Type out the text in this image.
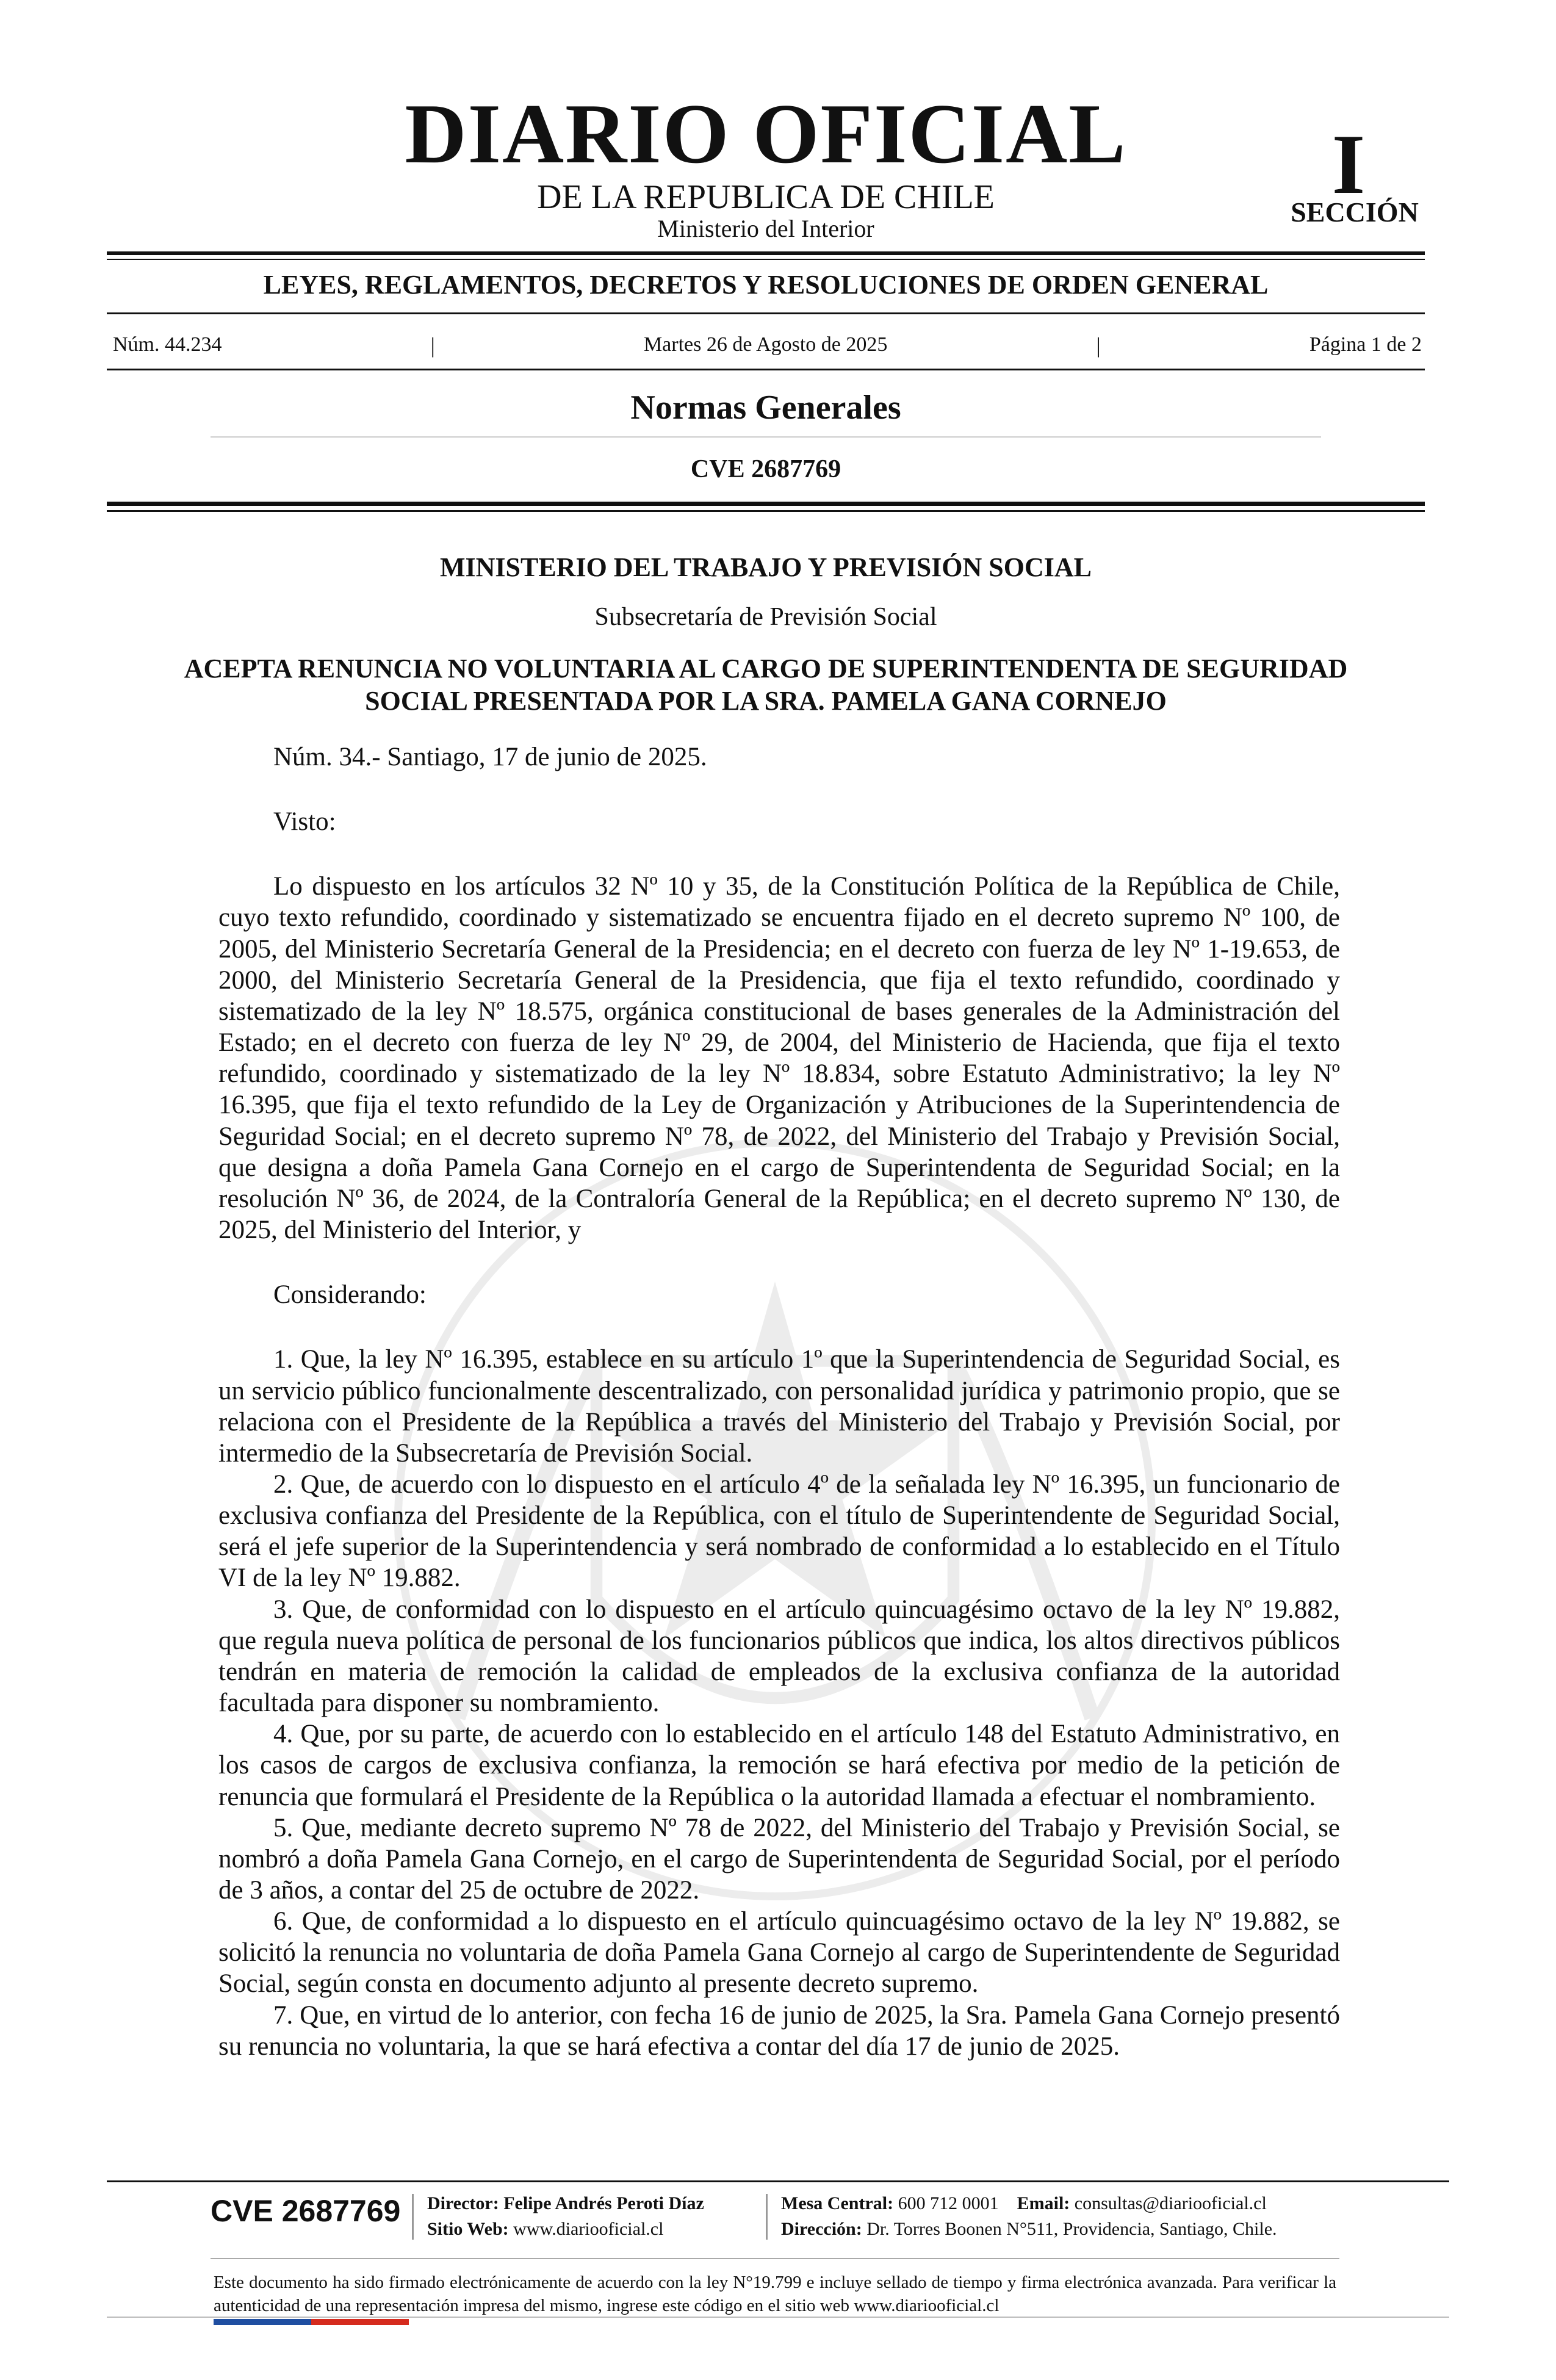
DIARIO OFICIAL
DE LA REPUBLICA DE CHILE
Ministerio del Interior
I
SECCIÓN
LEYES, REGLAMENTOS, DECRETOS Y RESOLUCIONES DE ORDEN GENERAL
Núm. 44.234	|	Martes 26 de Agosto de 2025	|	Página 1 de 2
Normas Generales
CVE 2687769
MINISTERIO DEL TRABAJO Y PREVISIÓN SOCIAL
Subsecretaría de Previsión Social
ACEPTA RENUNCIA NO VOLUNTARIA AL CARGO DE SUPERINTENDENTA DE SEGURIDAD SOCIAL PRESENTADA POR LA SRA. PAMELA GANA CORNEJO

Núm. 34.- Santiago, 17 de junio de 2025.

Visto:

Lo dispuesto en los artículos 32 Nº 10 y 35, de la Constitución Política de la República de Chile, cuyo texto refundido, coordinado y sistematizado se encuentra fijado en el decreto supremo Nº 100, de 2005, del Ministerio Secretaría General de la Presidencia; en el decreto con fuerza de ley Nº 1-19.653, de 2000, del Ministerio Secretaría General de la Presidencia, que fija el texto refundido, coordinado y sistematizado de la ley Nº 18.575, orgánica constitucional de bases generales de la Administración del Estado; en el decreto con fuerza de ley Nº 29, de 2004, del Ministerio de Hacienda, que fija el texto refundido, coordinado y sistematizado de la ley Nº 18.834, sobre Estatuto Administrativo; la ley Nº 16.395, que fija el texto refundido de la Ley de Organización y Atribuciones de la Superintendencia de Seguridad Social; en el decreto supremo Nº 78, de 2022, del Ministerio del Trabajo y Previsión Social, que designa a doña Pamela Gana Cornejo en el cargo de Superintendenta de Seguridad Social; en la resolución Nº 36, de 2024, de la Contraloría General de la República; en el decreto supremo Nº 130, de 2025, del Ministerio del Interior, y

Considerando:

1. Que, la ley Nº 16.395, establece en su artículo 1º que la Superintendencia de Seguridad Social, es un servicio público funcionalmente descentralizado, con personalidad jurídica y patrimonio propio, que se relaciona con el Presidente de la República a través del Ministerio del Trabajo y Previsión Social, por intermedio de la Subsecretaría de Previsión Social.

2. Que, de acuerdo con lo dispuesto en el artículo 4º de la señalada ley Nº 16.395, un funcionario de exclusiva confianza del Presidente de la República, con el título de Superintendente de Seguridad Social, será el jefe superior de la Superintendencia y será nombrado de conformidad a lo establecido en el Título VI de la ley Nº 19.882.

3. Que, de conformidad con lo dispuesto en el artículo quincuagésimo octavo de la ley Nº 19.882, que regula nueva política de personal de los funcionarios públicos que indica, los altos directivos públicos tendrán en materia de remoción la calidad de empleados de la exclusiva confianza de la autoridad facultada para disponer su nombramiento.

4. Que, por su parte, de acuerdo con lo establecido en el artículo 148 del Estatuto Administrativo, en los casos de cargos de exclusiva confianza, la remoción se hará efectiva por medio de la petición de renuncia que formulará el Presidente de la República o la autoridad llamada a efectuar el nombramiento.

5. Que, mediante decreto supremo Nº 78 de 2022, del Ministerio del Trabajo y Previsión Social, se nombró a doña Pamela Gana Cornejo, en el cargo de Superintendenta de Seguridad Social, por el período de 3 años, a contar del 25 de octubre de 2022.

6. Que, de conformidad a lo dispuesto en el artículo quincuagésimo octavo de la ley Nº 19.882, se solicitó la renuncia no voluntaria de doña Pamela Gana Cornejo al cargo de Superintendente de Seguridad Social, según consta en documento adjunto al presente decreto supremo.

7. Que, en virtud de lo anterior, con fecha 16 de junio de 2025, la Sra. Pamela Gana Cornejo presentó su renuncia no voluntaria, la que se hará efectiva a contar del día 17 de junio de 2025.

CVE 2687769 Director: Felipe Andrés Peroti Díaz
Sitio Web: www.diariooficial.cl
Mesa Central: 600 712 0001 Email: consultas@diariooficial.cl
Dirección: Dr. Torres Boonen N°511, Providencia, Santiago, Chile.
Este documento ha sido firmado electrónicamente de acuerdo con la ley N°19.799 e incluye sellado de tiempo y firma electrónica avanzada. Para verificar la autenticidad de una representación impresa del mismo, ingrese este código en el sitio web www.diariooficial.cl
